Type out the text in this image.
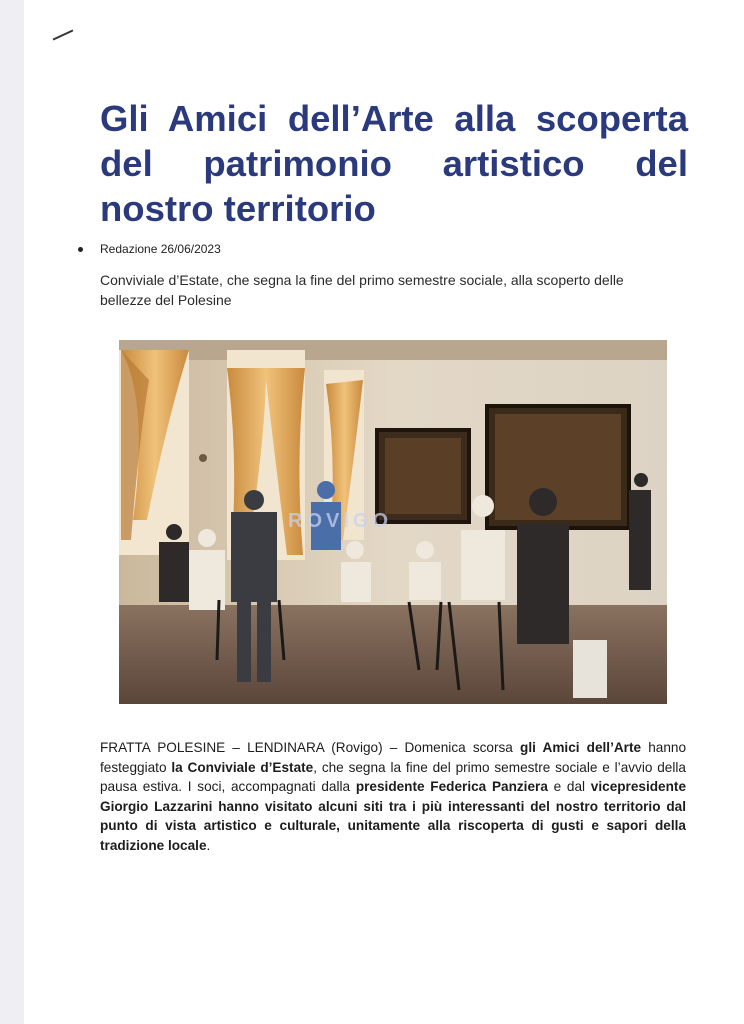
Gli Amici dell’Arte alla scoperta del patrimonio artistico del nostro territorio
Redazione 26/06/2023

Conviviale d’Estate, che segna la fine del primo semestre sociale, alla scoperto delle bellezze del Polesine

ROVIGO

FRATTA POLESINE – LENDINARA (Rovigo) – Domenica scorsa gli Amici dell’Arte hanno festeggiato la Conviviale d’Estate, che segna la fine del primo semestre sociale e l’avvio della pausa estiva. I soci, accompagnati dalla presidente Federica Panziera e dal vicepresidente Giorgio Lazzarini hanno visitato alcuni siti tra i più interessanti del nostro territorio dal punto di vista artistico e culturale, unitamente alla riscoperta di gusti e sapori della tradizione locale.
